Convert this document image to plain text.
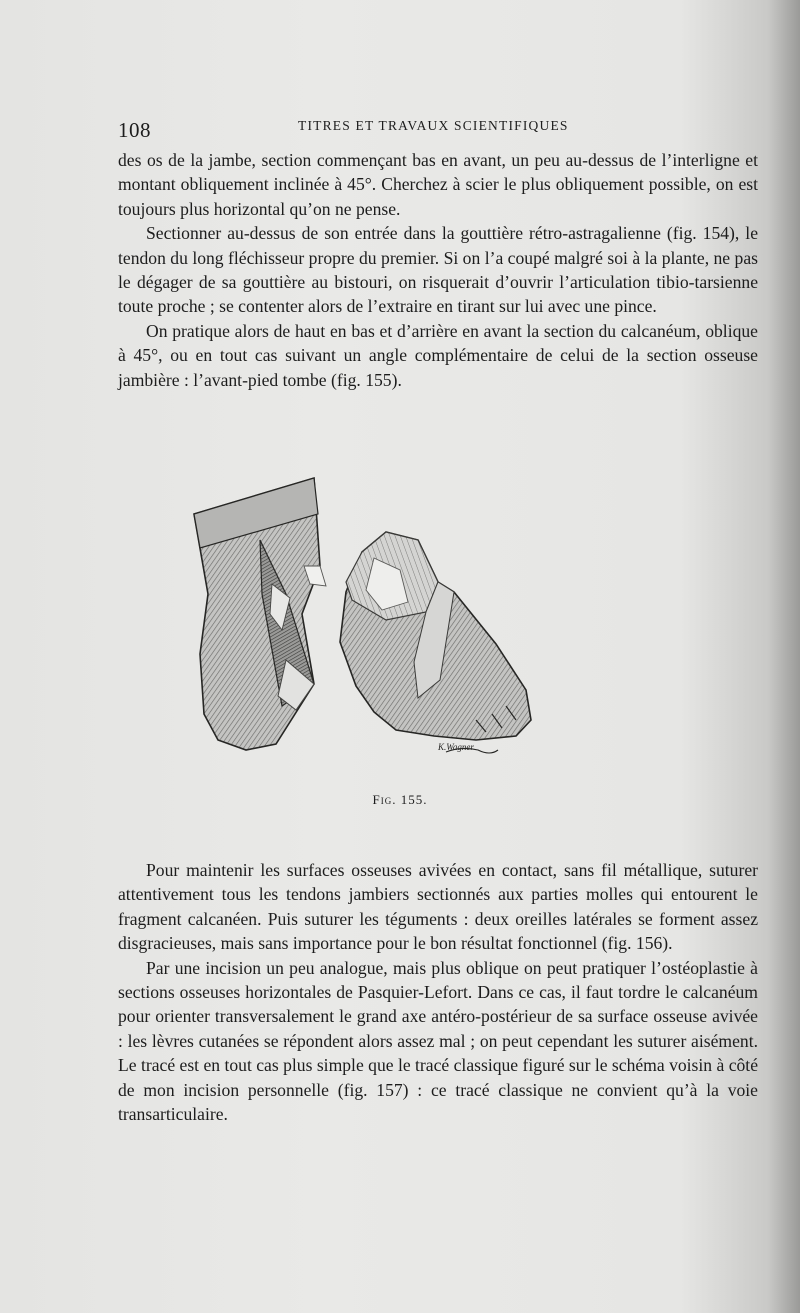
108	TITRES ET TRAVAUX SCIENTIFIQUES

des os de la jambe, section commençant bas en avant, un peu au-dessus de l’interligne et montant obliquement inclinée à 45°. Cherchez à scier le plus obliquement possible, on est toujours plus horizontal qu’on ne pense.

Sectionner au-dessus de son entrée dans la gouttière rétro-astragalienne (fig. 154), le tendon du long fléchisseur propre du premier. Si on l’a coupé malgré soi à la plante, ne pas le dégager de sa gouttière au bistouri, on risquerait d’ouvrir l’articulation tibio-tarsienne toute proche ; se contenter alors de l’extraire en tirant sur lui avec une pince.

On pratique alors de haut en bas et d’arrière en avant la section du calcanéum, oblique à 45°, ou en tout cas suivant un angle complémentaire de celui de la section osseuse jambière : l’avant-pied tombe (fig. 155).

K.Wagner
Fig. 155.

Pour maintenir les surfaces osseuses avivées en contact, sans fil métallique, suturer attentivement tous les tendons jambiers sectionnés aux parties molles qui entourent le fragment calcanéen. Puis suturer les téguments : deux oreilles latérales se forment assez disgracieuses, mais sans importance pour le bon résultat fonctionnel (fig. 156).

Par une incision un peu analogue, mais plus oblique on peut pratiquer l’ostéoplastie à sections osseuses horizontales de Pasquier-Lefort. Dans ce cas, il faut tordre le calcanéum pour orienter transversalement le grand axe antéro-postérieur de sa surface osseuse avivée : les lèvres cutanées se répondent alors assez mal ; on peut cependant les suturer aisément. Le tracé est en tout cas plus simple que le tracé classique figuré sur le schéma voisin à côté de mon incision personnelle (fig. 157) : ce tracé classique ne convient qu’à la voie transarticulaire.
